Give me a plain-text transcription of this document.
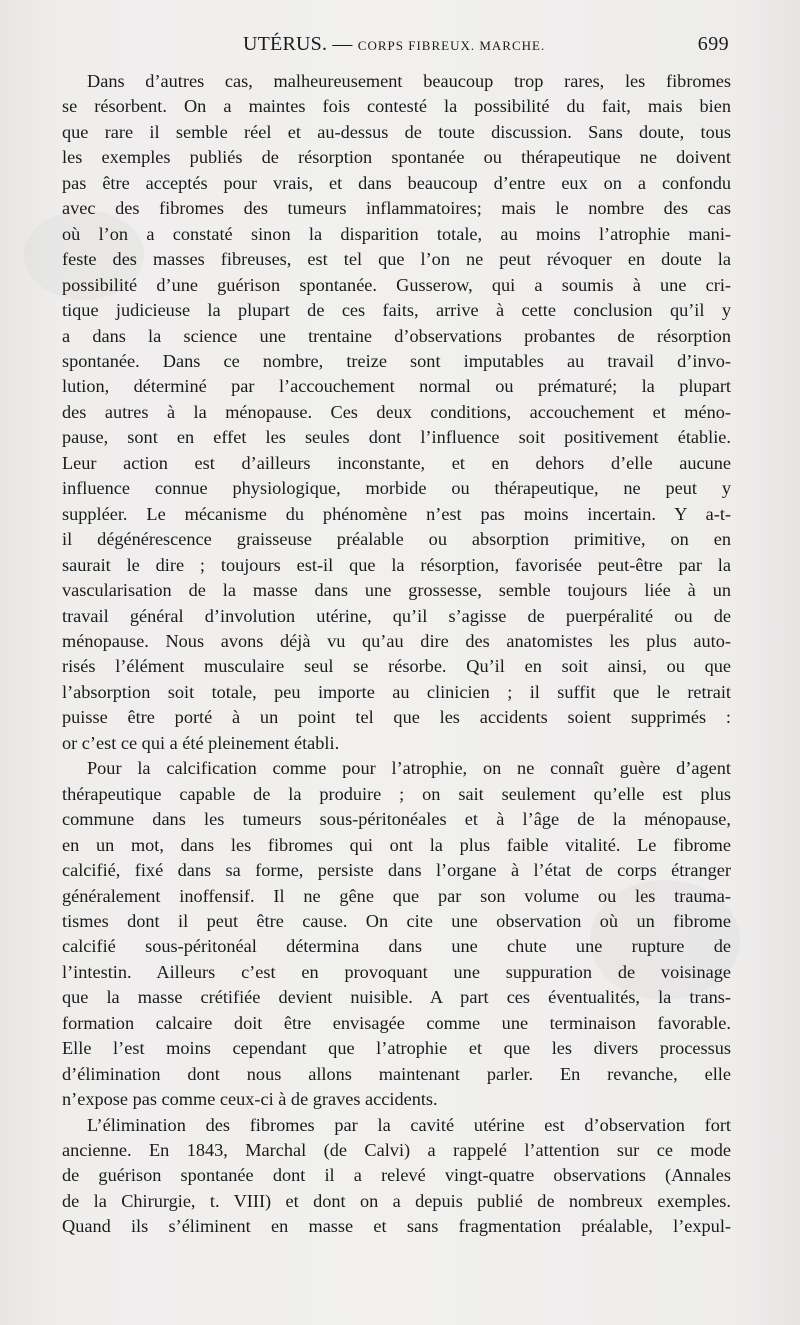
UTÉRUS. — CORPS FIBREUX. MARCHE.	699
Dans d’autres cas, malheureusement beaucoup trop rares, les fibromes
se résorbent. On a maintes fois contesté la possibilité du fait, mais bien
que rare il semble réel et au-dessus de toute discussion. Sans doute, tous
les exemples publiés de résorption spontanée ou thérapeutique ne doivent
pas être acceptés pour vrais, et dans beaucoup d’entre eux on a confondu
avec des fibromes des tumeurs inflammatoires; mais le nombre des cas
où l’on a constaté sinon la disparition totale, au moins l’atrophie mani-
feste des masses fibreuses, est tel que l’on ne peut révoquer en doute la
possibilité d’une guérison spontanée. Gusserow, qui a soumis à une cri-
tique judicieuse la plupart de ces faits, arrive à cette conclusion qu’il y
a dans la science une trentaine d’observations probantes de résorption
spontanée. Dans ce nombre, treize sont imputables au travail d’invo-
lution, déterminé par l’accouchement normal ou prématuré; la plupart
des autres à la ménopause. Ces deux conditions, accouchement et méno-
pause, sont en effet les seules dont l’influence soit positivement établie.
Leur action est d’ailleurs inconstante, et en dehors d’elle aucune
influence connue physiologique, morbide ou thérapeutique, ne peut y
suppléer. Le mécanisme du phénomène n’est pas moins incertain. Y a-t-
il dégénérescence graisseuse préalable ou absorption primitive, on en
saurait le dire ; toujours est-il que la résorption, favorisée peut-être par la
vascularisation de la masse dans une grossesse, semble toujours liée à un
travail général d’involution utérine, qu’il s’agisse de puerpéralité ou de
ménopause. Nous avons déjà vu qu’au dire des anatomistes les plus auto-
risés l’élément musculaire seul se résorbe. Qu’il en soit ainsi, ou que
l’absorption soit totale, peu importe au clinicien ; il suffit que le retrait
puisse être porté à un point tel que les accidents soient supprimés :
or c’est ce qui a été pleinement établi.
Pour la calcification comme pour l’atrophie, on ne connaît guère d’agent
thérapeutique capable de la produire ; on sait seulement qu’elle est plus
commune dans les tumeurs sous-péritonéales et à l’âge de la ménopause,
en un mot, dans les fibromes qui ont la plus faible vitalité. Le fibrome
calcifié, fixé dans sa forme, persiste dans l’organe à l’état de corps étranger
généralement inoffensif. Il ne gêne que par son volume ou les trauma-
tismes dont il peut être cause. On cite une observation où un fibrome
calcifié sous-péritonéal détermina dans une chute une rupture de
l’intestin. Ailleurs c’est en provoquant une suppuration de voisinage
que la masse crétifiée devient nuisible. A part ces éventualités, la trans-
formation calcaire doit être envisagée comme une terminaison favorable.
Elle l’est moins cependant que l’atrophie et que les divers processus
d’élimination dont nous allons maintenant parler. En revanche, elle
n’expose pas comme ceux-ci à de graves accidents.
L’élimination des fibromes par la cavité utérine est d’observation fort
ancienne. En 1843, Marchal (de Calvi) a rappelé l’attention sur ce mode
de guérison spontanée dont il a relevé vingt-quatre observations (Annales
de la Chirurgie, t. VIII) et dont on a depuis publié de nombreux exemples.
Quand ils s’éliminent en masse et sans fragmentation préalable, l’expul-
